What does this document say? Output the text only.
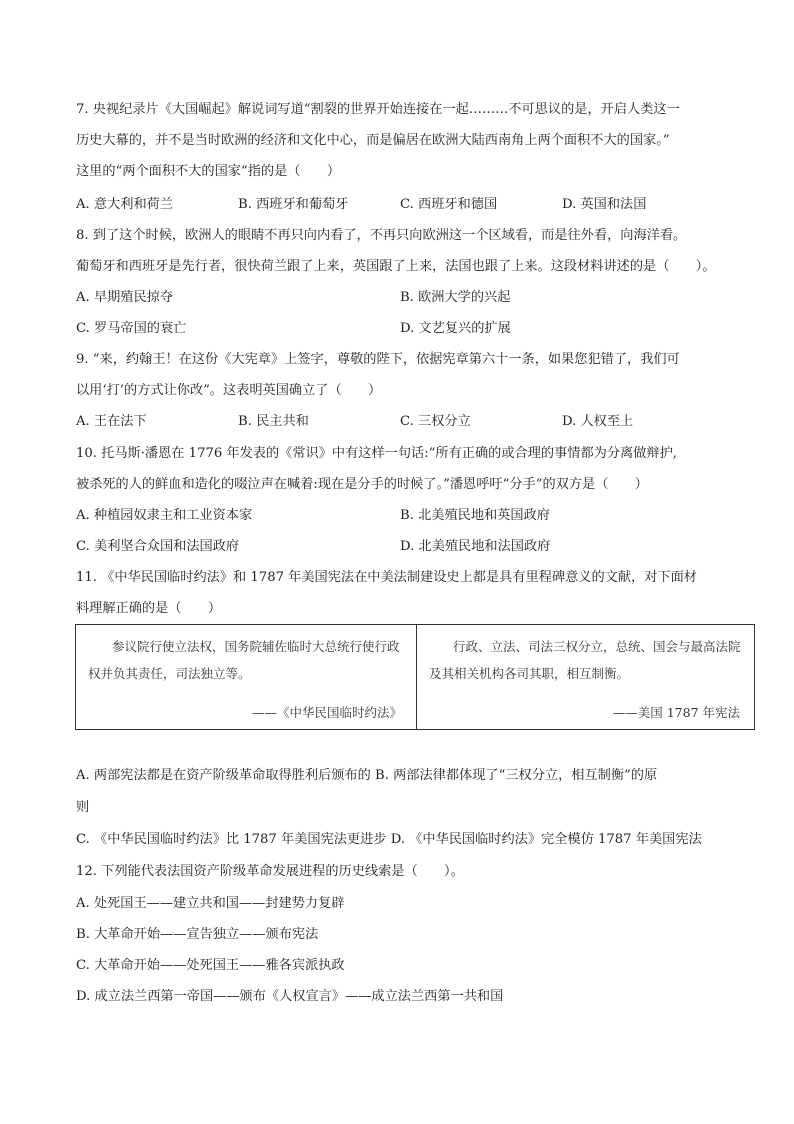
7. 央视纪录片《大国崛起》解说词写道“割裂的世界开始连接在一起………不可思议的是，开启人类这一
历史大幕的，并不是当时欧洲的经济和文化中心，而是偏居在欧洲大陆西南角上两个面积不大的国家。”
这里的“两个面积不大的国家”指的是（　　）
A. 意大利和荷兰	B. 西班牙和葡萄牙	C. 西班牙和德国	D. 英国和法国
8. 到了这个时候，欧洲人的眼睛不再只向内看了，不再只向欧洲这一个区域看，而是往外看，向海洋看。
葡萄牙和西班牙是先行者，很快荷兰跟了上来，英国跟了上来，法国也跟了上来。这段材料讲述的是（　　）。
A. 早期殖民掠夺	B. 欧洲大学的兴起
C. 罗马帝国的衰亡	D. 文艺复兴的扩展
9. “来，约翰王！在这份《大宪章》上签字，尊敬的陛下，依据宪章第六十一条，如果您犯错了，我们可
以用‘打’的方式让你改”。这表明英国确立了（　　）
A. 王在法下	B. 民主共和	C. 三权分立	D. 人权至上
10. 托马斯·潘恩在 1776 年发表的《常识》中有这样一句话:“所有正确的或合理的事情都为分离做辩护,
被杀死的人的鲜血和造化的啜泣声在喊着:现在是分手的时候了。”潘恩呼吁“分手”的双方是（　　）
A. 种植园奴隶主和工业资本家	B. 北美殖民地和英国政府
C. 美利坚合众国和法国政府	D. 北美殖民地和法国政府
11. 《中华民国临时约法》和 1787 年美国宪法在中美法制建设史上都是具有里程碑意义的文献，对下面材
料理解正确的是（　　）
参议院行使立法权，国务院辅佐临时大总统行使行政权并负其责任，司法独立等。
——《中华民国临时约法》

行政、立法、司法三权分立，总统、国会与最高法院及其相关机构各司其职，相互制衡。
——美国 1787 年宪法
A. 两部宪法都是在资产阶级革命取得胜利后颁布的 B. 两部法律都体现了“三权分立，相互制衡”的原
则
C. 《中华民国临时约法》比 1787 年美国宪法更进步 D. 《中华民国临时约法》完全模仿 1787 年美国宪法
12. 下列能代表法国资产阶级革命发展进程的历史线索是（　　）。
A. 处死国王——建立共和国——封建势力复辟
B. 大革命开始——宣告独立——颁布宪法
C. 大革命开始——处死国王——雅各宾派执政
D. 成立法兰西第一帝国——颁布《人权宣言》——成立法兰西第一共和国
